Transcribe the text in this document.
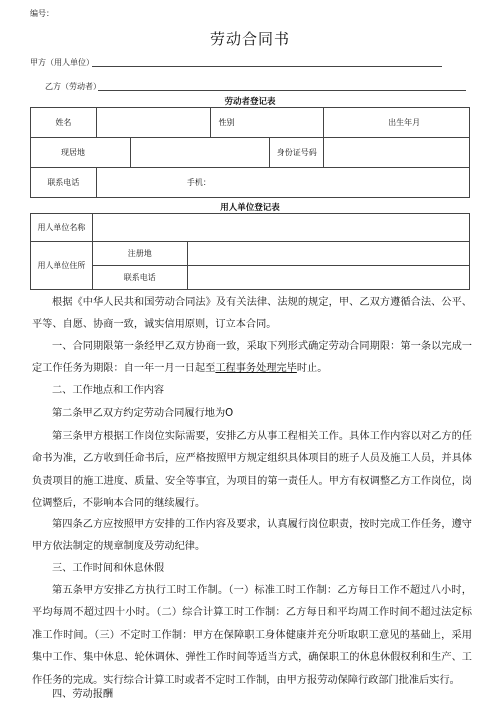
编号：
劳动合同书
甲方（用人单位）
乙方（劳动者）
劳动者登记表
姓名			性别		出生年月
现居地				身份证号码	
联系电话	手机：				
用人单位登记表
用人单位名称		
用人单位住所	注册地	
	联系电话	

根据《中华人民共和国劳动合同法》及有关法律、法规的规定，甲、乙双方遵循合法、公平、平等、自愿、协商一致，诚实信用原则，订立本合同。

一、合同期限第一条经甲乙双方协商一致，采取下列形式确定劳动合同期限：第一条以完成一定工作任务为期限：自一年一月一日起至工程事务处理完毕时止。

二、工作地点和工作内容

第二条甲乙双方约定劳动合同履行地为O

第三条甲方根据工作岗位实际需要，安排乙方从事工程相关工作。具体工作内容以对乙方的任命书为准，乙方收到任命书后，应严格按照甲方规定组织具体项目的班子人员及施工人员，并具体负责项目的施工进度、质量、安全等事宜，为项目的第一责任人。甲方有权调整乙方工作岗位，岗位调整后，不影响本合同的继续履行。

第四条乙方应按照甲方安排的工作内容及要求，认真履行岗位职责，按时完成工作任务，遵守甲方依法制定的规章制度及劳动纪律。

三、工作时间和休息休假

第五条甲方安排乙方执行工时工作制。（一）标准工时工作制：乙方每日工作不超过八小时，平均每周不超过四十小时。（二）综合计算工时工作制：乙方每日和平均周工作时间不超过法定标准工作时间。（三）不定时工作制：甲方在保障职工身体健康并充分听取职工意见的基础上，采用集中工作、集中休息、轮休调休、弹性工作时间等适当方式，确保职工的休息休假权利和生产、工作任务的完成。实行综合计算工时或者不定时工作制，由甲方报劳动保障行政部门批准后实行。

四、劳动报酬
